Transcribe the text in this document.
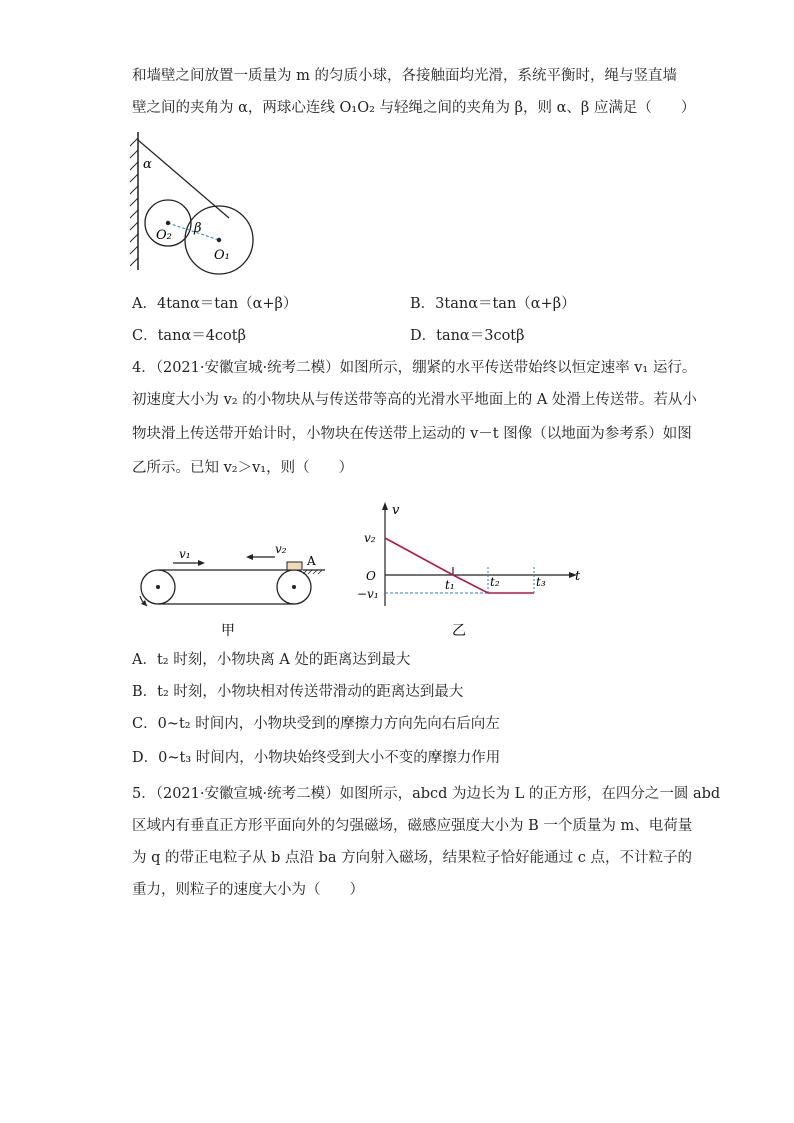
和墙壁之间放置一质量为 m 的匀质小球，各接触面均光滑，系统平衡时，绳与竖直墙
壁之间的夹角为 α，两球心连线 O₁O₂ 与轻绳之间的夹角为 β，则 α、β 应满足（　　）
α
β
O₂
O₁
A．4tanα＝tan（α+β）	B．3tanα＝tan（α+β）
C．tanα＝4cotβ	D．tanα＝3cotβ
4．（2021·安徽宣城·统考二模）如图所示，绷紧的水平传送带始终以恒定速率 v₁ 运行。
初速度大小为 v₂ 的小物块从与传送带等高的光滑水平地面上的 A 处滑上传送带。若从小
物块滑上传送带开始计时，小物块在传送带上运动的 v－t 图像（以地面为参考系）如图
乙所示。已知 v₂＞v₁，则（　　）
v₁	v₂
A
甲
v
t
v₂
O
−v₁
t₁	t₂	t₃
乙
A．t₂ 时刻，小物块离 A 处的距离达到最大
B．t₂ 时刻，小物块相对传送带滑动的距离达到最大
C．0~t₂ 时间内，小物块受到的摩擦力方向先向右后向左
D．0~t₃ 时间内，小物块始终受到大小不变的摩擦力作用
5．（2021·安徽宣城·统考二模）如图所示，abcd 为边长为 L 的正方形，在四分之一圆 abd
区域内有垂直正方形平面向外的匀强磁场，磁感应强度大小为 B 一个质量为 m、电荷量
为 q 的带正电粒子从 b 点沿 ba 方向射入磁场，结果粒子恰好能通过 c 点，不计粒子的
重力，则粒子的速度大小为（　　）
